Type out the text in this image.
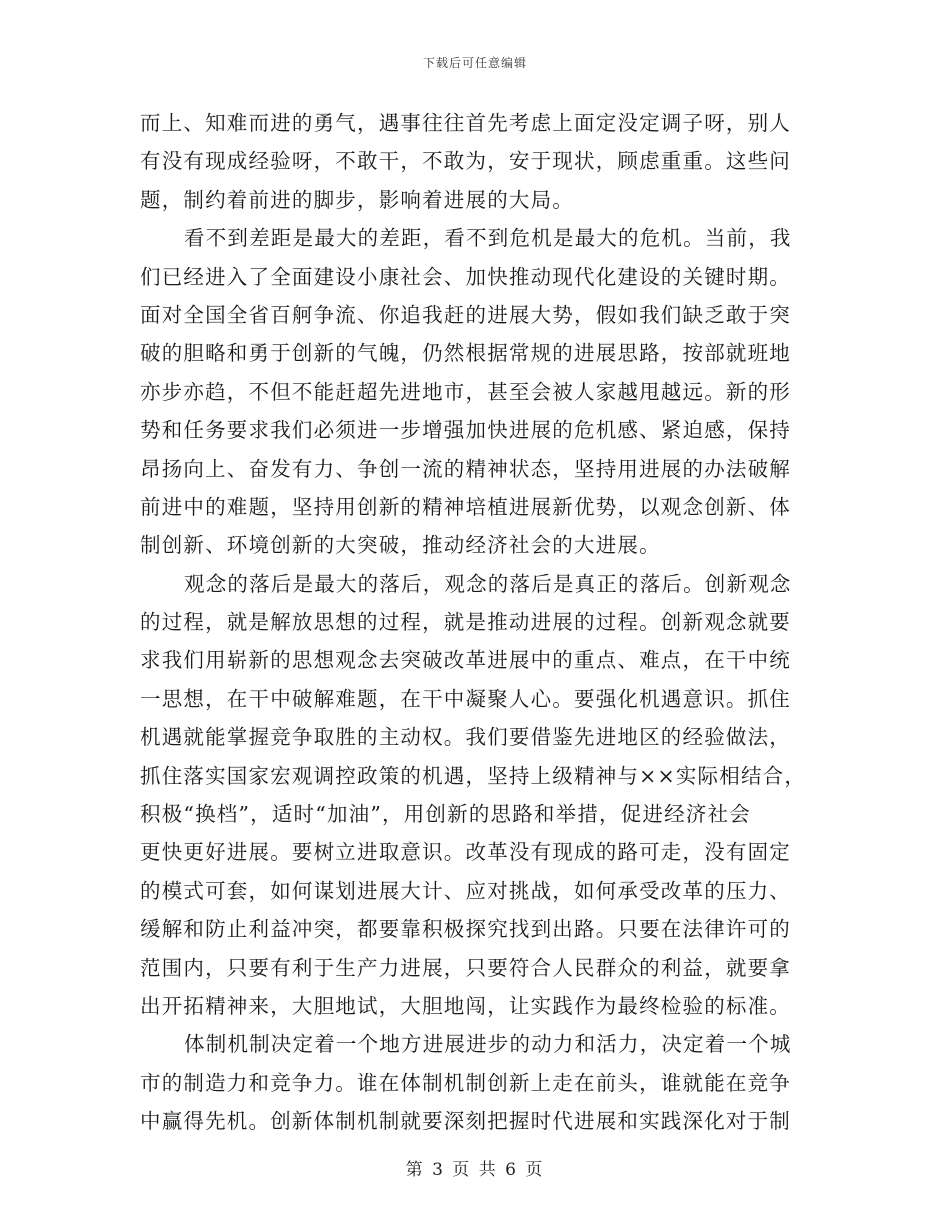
下载后可任意编辑
而上、知难而进的勇气，遇事往往首先考虑上面定没定调子呀，别人
有没有现成经验呀，不敢干，不敢为，安于现状，顾虑重重。这些问
题，制约着前进的脚步，影响着进展的大局。
看不到差距是最大的差距，看不到危机是最大的危机。当前，我
们已经进入了全面建设小康社会、加快推动现代化建设的关键时期。
面对全国全省百舸争流、你追我赶的进展大势，假如我们缺乏敢于突
破的胆略和勇于创新的气魄，仍然根据常规的进展思路，按部就班地
亦步亦趋，不但不能赶超先进地市，甚至会被人家越甩越远。新的形
势和任务要求我们必须进一步增强加快进展的危机感、紧迫感，保持
昂扬向上、奋发有力、争创一流的精神状态，坚持用进展的办法破解
前进中的难题，坚持用创新的精神培植进展新优势，以观念创新、体
制创新、环境创新的大突破，推动经济社会的大进展。
观念的落后是最大的落后，观念的落后是真正的落后。创新观念
的过程，就是解放思想的过程，就是推动进展的过程。创新观念就要
求我们用崭新的思想观念去突破改革进展中的重点、难点，在干中统
一思想，在干中破解难题，在干中凝聚人心。要强化机遇意识。抓住
机遇就能掌握竞争取胜的主动权。我们要借鉴先进地区的经验做法，
抓住落实国家宏观调控政策的机遇，坚持上级精神与××实际相结合，
积极“换档”，适时“加油”，用创新的思路和举措，促进经济社会
更快更好进展。要树立进取意识。改革没有现成的路可走，没有固定
的模式可套，如何谋划进展大计、应对挑战，如何承受改革的压力、
缓解和防止利益冲突，都要靠积极探究找到出路。只要在法律许可的
范围内，只要有利于生产力进展，只要符合人民群众的利益，就要拿
出开拓精神来，大胆地试，大胆地闯，让实践作为最终检验的标准。
体制机制决定着一个地方进展进步的动力和活力，决定着一个城
市的制造力和竞争力。谁在体制机制创新上走在前头，谁就能在竞争
中赢得先机。创新体制机制就要深刻把握时代进展和实践深化对于制
第 3 页 共 6 页
